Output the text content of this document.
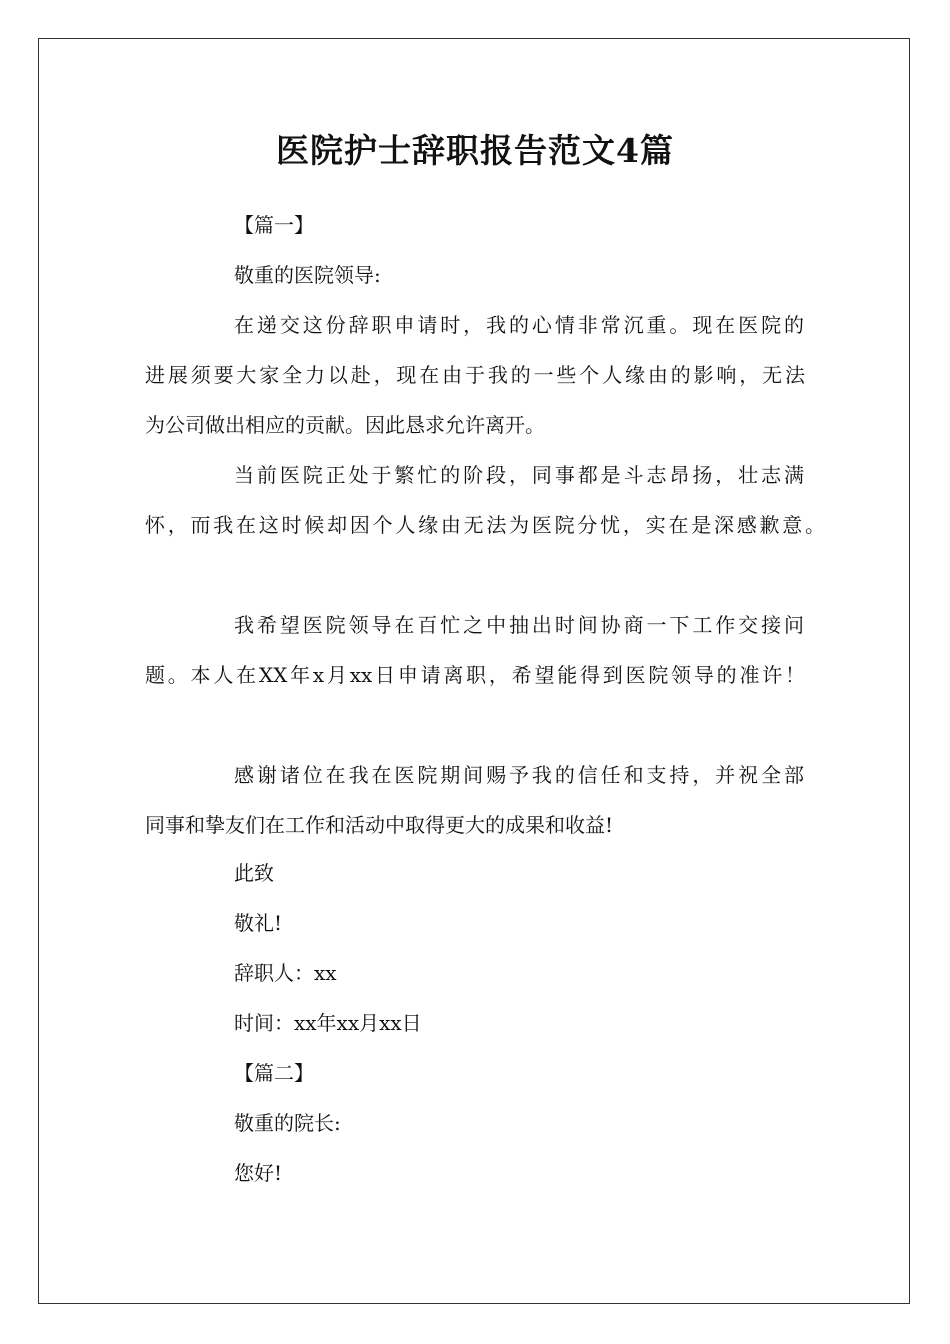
医院护士辞职报告范文4篇
【篇一】
敬重的医院领导:
在递交这份辞职申请时，我的心情非常沉重。现在医院的
进展须要大家全力以赴，现在由于我的一些个人缘由的影响，无法
为公司做出相应的贡献。因此恳求允许离开。
当前医院正处于繁忙的阶段，同事都是斗志昂扬，壮志满
怀，而我在这时候却因个人缘由无法为医院分忧，实在是深感歉意。
我希望医院领导在百忙之中抽出时间协商一下工作交接问
题。本人在XX年x月xx日申请离职，希望能得到医院领导的准许！
感谢诸位在我在医院期间赐予我的信任和支持，并祝全部
同事和挚友们在工作和活动中取得更大的成果和收益!
此致
敬礼!
辞职人：xx
时间：xx年xx月xx日
【篇二】
敬重的院长:
您好!
